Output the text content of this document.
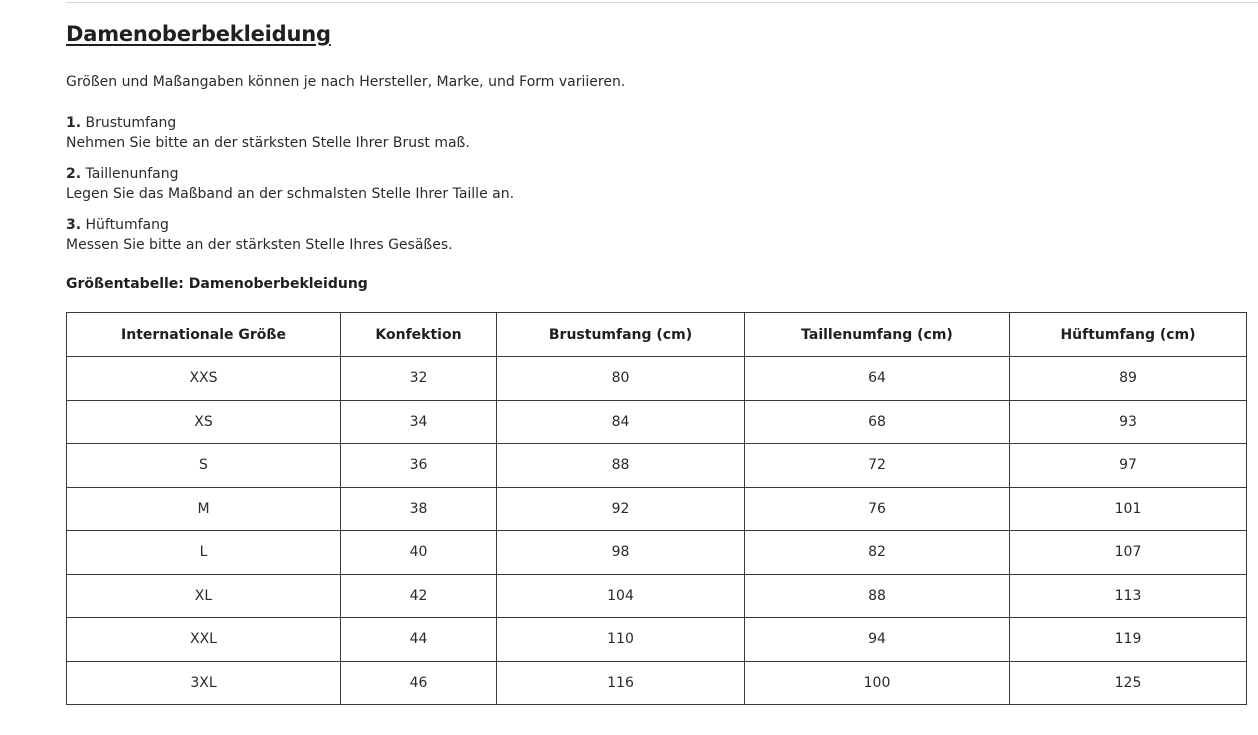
Damenoberbekleidung

Größen und Maßangaben können je nach Hersteller, Marke, und Form variieren.

1. Brustumfang
Nehmen Sie bitte an der stärksten Stelle Ihrer Brust maß.
2. Taillenunfang
Legen Sie das Maßband an der schmalsten Stelle Ihrer Taille an.
3. Hüftumfang
Messen Sie bitte an der stärksten Stelle Ihres Gesäßes.

Größentabelle: Damenoberbekleidung

Internationale Größe	Konfektion	Brustumfang (cm)	Taillenumfang (cm)	Hüftumfang (cm)
XXS	32	80	64	89
XS	34	84	68	93
S	36	88	72	97
M	38	92	76	101
L	40	98	82	107
XL	42	104	88	113
XXL	44	110	94	119
3XL	46	116	100	125
